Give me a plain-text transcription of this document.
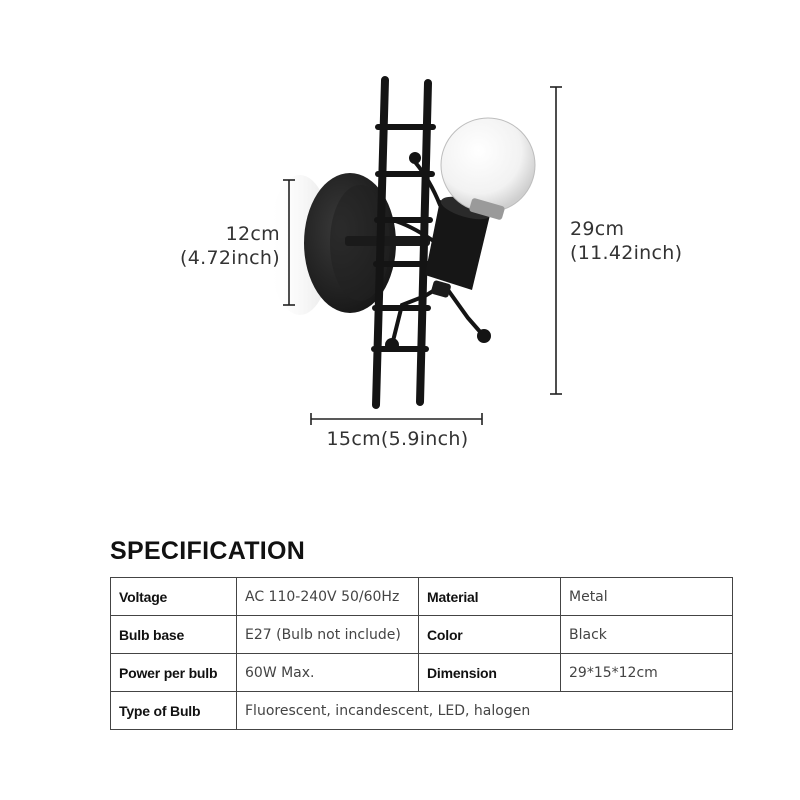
12cm
(4.72inch)
29cm
(11.42inch)
15cm(5.9inch)
SPECIFICATION
Voltage	AC 110-240V 50/60Hz	Material	Metal
Bulb base	E27 (Bulb not include)	Color	Black
Power per bulb	60W Max.	Dimension	29*15*12cm
Type of Bulb	Fluorescent, incandescent, LED, halogen		
